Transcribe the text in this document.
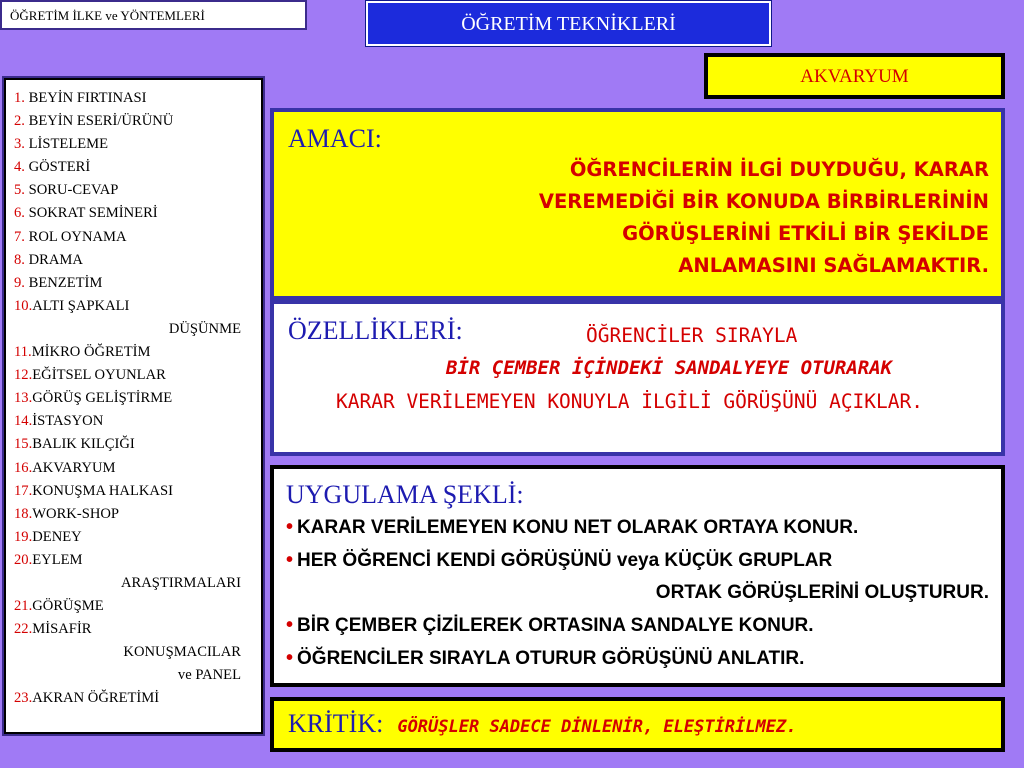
ÖĞRETİM İLKE ve YÖNTEMLERİ	ÖĞRETİM TEKNİKLERİ
AKVARYUM
1. BEYİN FIRTINASI
2. BEYİN ESERİ/ÜRÜNÜ
3. LİSTELEME
4. GÖSTERİ
5. SORU-CEVAP
6. SOKRAT SEMİNERİ
7. ROL OYNAMA
8. DRAMA
9. BENZETİM
10.ALTI ŞAPKALI
DÜŞÜNME
11.MİKRO ÖĞRETİM
12.EĞİTSEL OYUNLAR
13.GÖRÜŞ GELİŞTİRME
14.İSTASYON
15.BALIK KILÇIĞI
16.AKVARYUM
17.KONUŞMA HALKASI
18.WORK-SHOP
19.DENEY
20.EYLEM
ARAŞTIRMALARI
21.GÖRÜŞME
22.MİSAFİR
KONUŞMACILAR
ve PANEL
23.AKRAN ÖĞRETİMİ
AMACI:
ÖĞRENCİLERİN İLGİ DUYDUĞU, KARAR
VEREMEDİĞİ BİR KONUDA BİRBİRLERİNİN
GÖRÜŞLERİNİ ETKİLİ BİR ŞEKİLDE
ANLAMASINI SAĞLAMAKTIR.
ÖZELLİKLERİ:	ÖĞRENCİLER SIRAYLA
BİR ÇEMBER İÇİNDEKİ SANDALYEYE OTURARAK
KARAR VERİLEMEYEN KONUYLA İLGİLİ GÖRÜŞÜNÜ AÇIKLAR.
UYGULAMA ŞEKLİ:
• KARAR VERİLEMEYEN KONU NET OLARAK ORTAYA KONUR.
• HER ÖĞRENCİ KENDİ GÖRÜŞÜNÜ veya KÜÇÜK GRUPLAR
ORTAK GÖRÜŞLERİNİ OLUŞTURUR.
• BİR ÇEMBER ÇİZİLEREK ORTASINA SANDALYE KONUR.
• ÖĞRENCİLER SIRAYLA OTURUR GÖRÜŞÜNÜ ANLATIR.
KRİTİK: GÖRÜŞLER SADECE DİNLENİR, ELEŞTİRİLMEZ.
